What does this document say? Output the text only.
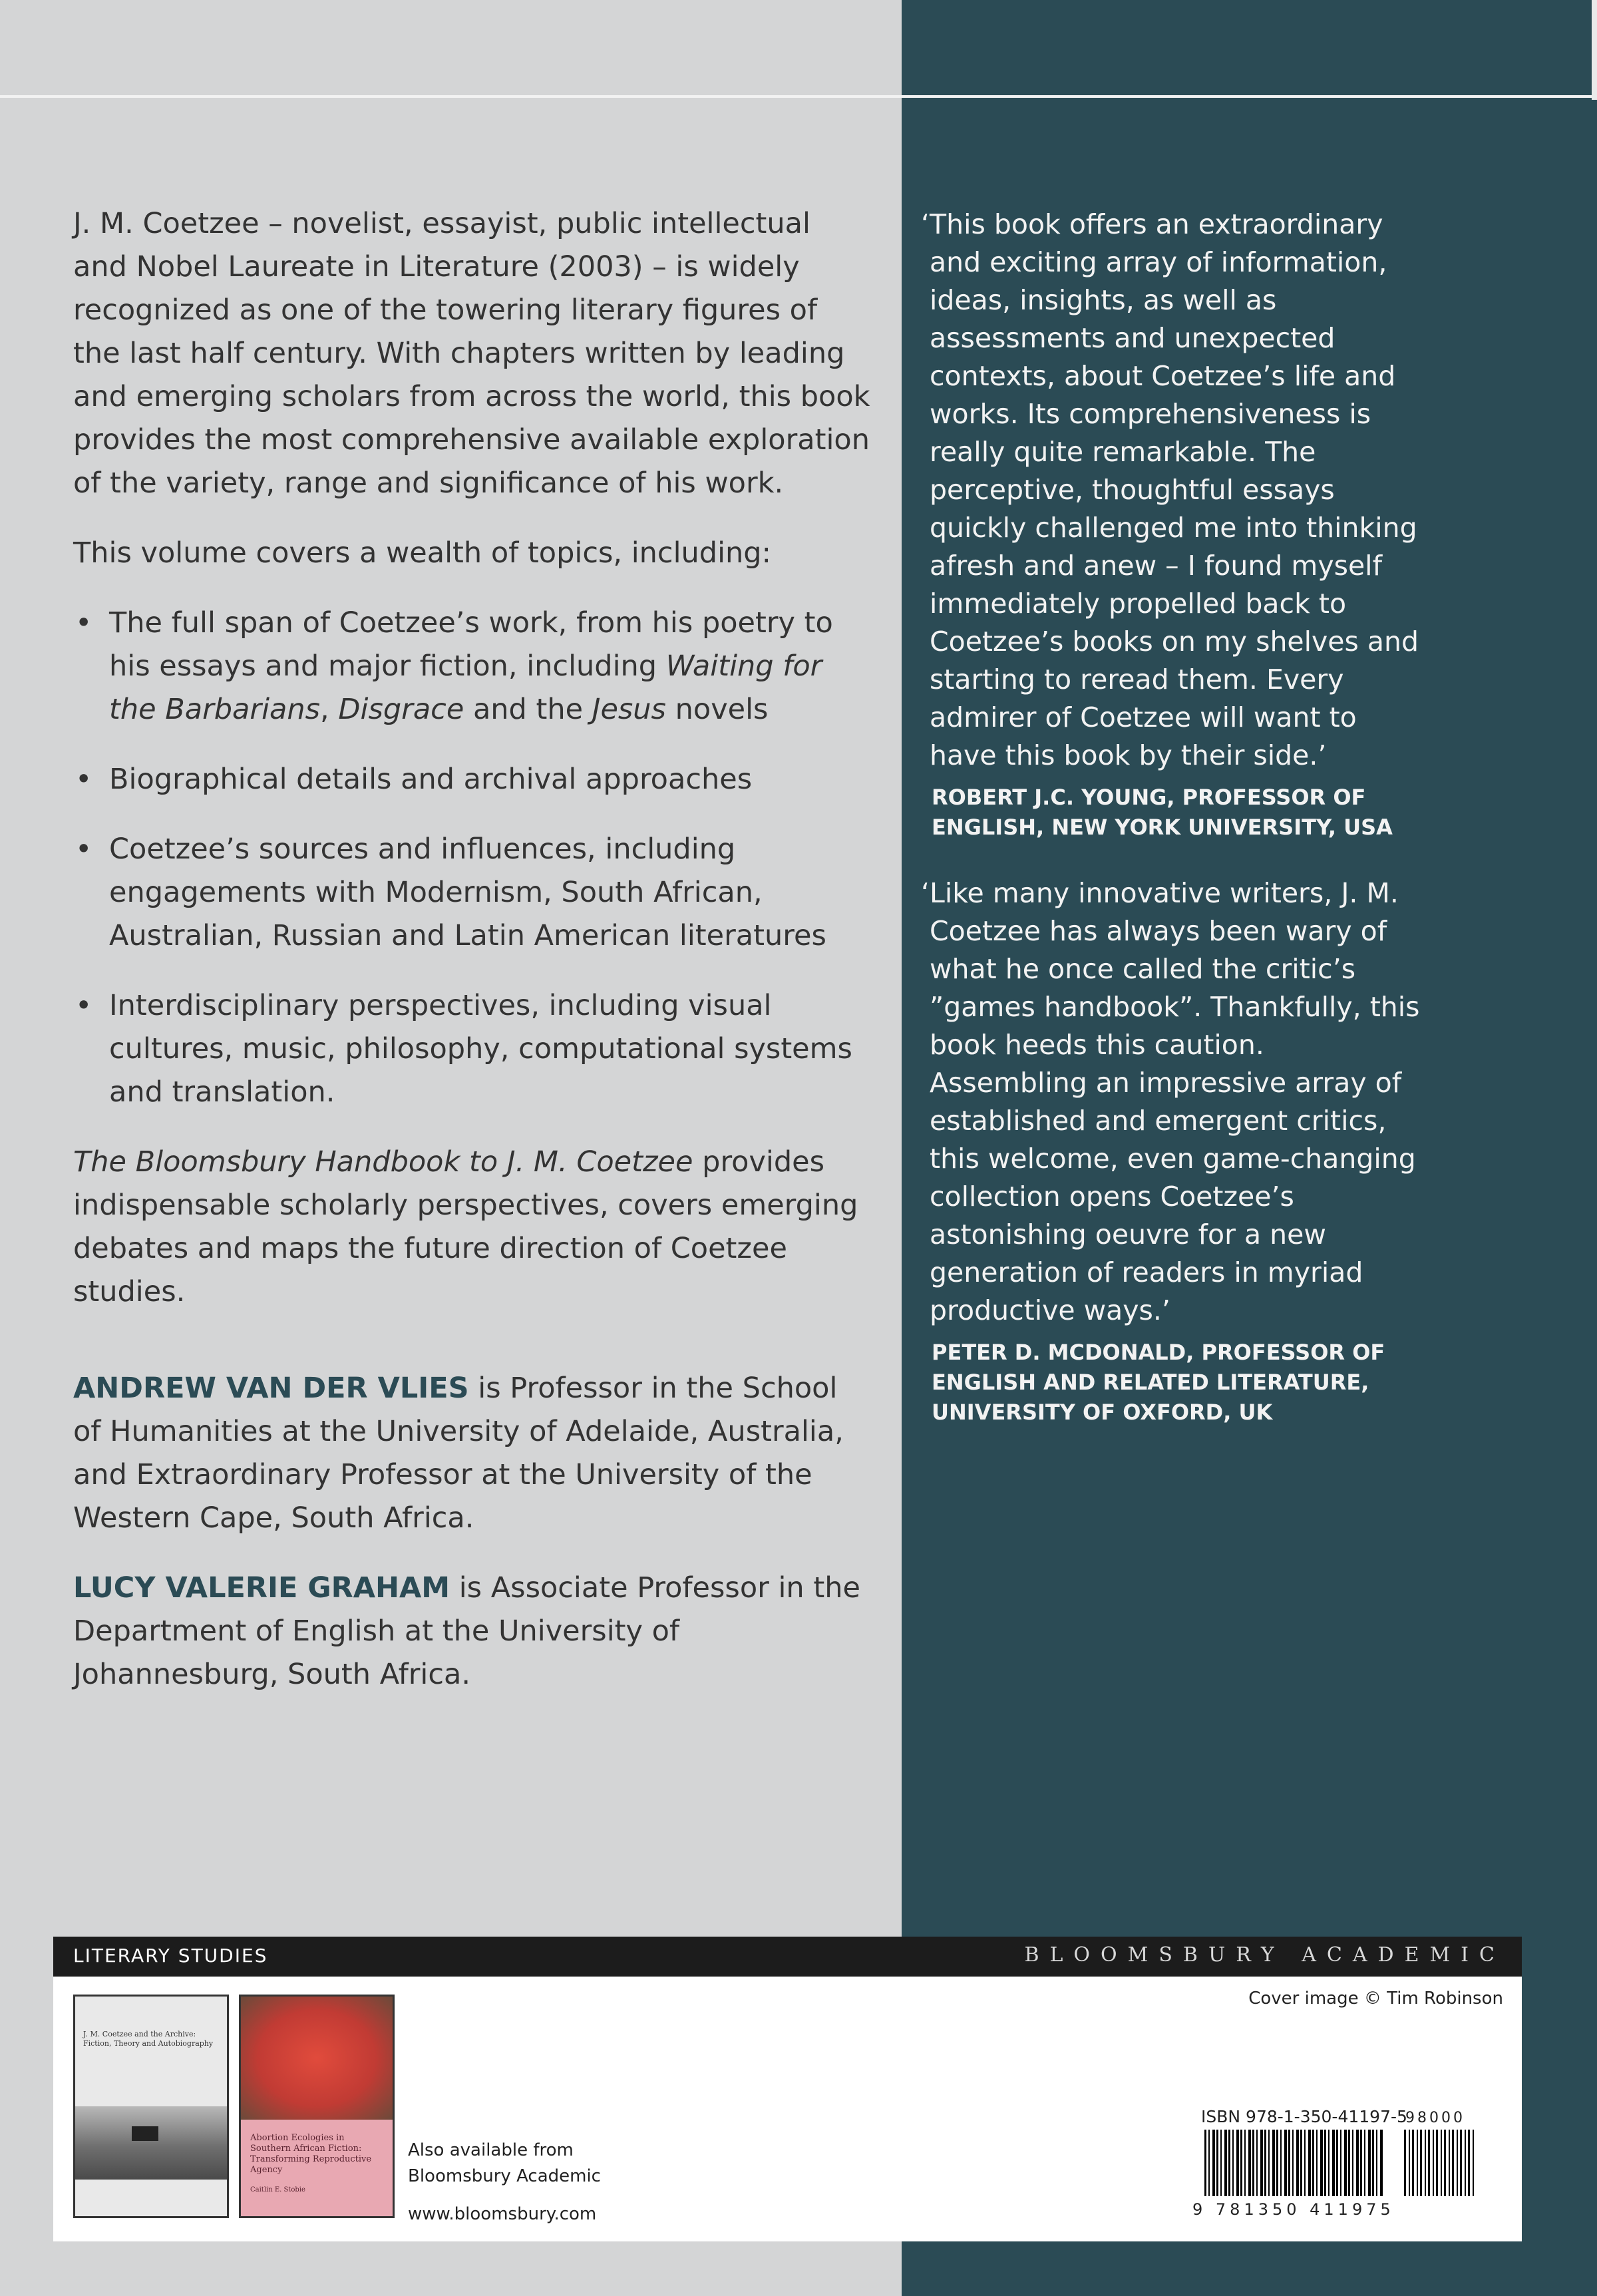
J. M. Coetzee – novelist, essayist, public intellectual and Nobel Laureate in Literature (2003) – is widely recognized as one of the towering literary figures of the last half century. With chapters written by leading and emerging scholars from across the world, this book provides the most comprehensive available exploration of the variety, range and significance of his work.

This volume covers a wealth of topics, including:

• The full span of Coetzee’s work, from his poetry to his essays and major fiction, including Waiting for the Barbarians, Disgrace and the Jesus novels
• Biographical details and archival approaches
• Coetzee’s sources and influences, including engagements with Modernism, South African, Australian, Russian and Latin American literatures
• Interdisciplinary perspectives, including visual cultures, music, philosophy, computational systems and translation.

The Bloomsbury Handbook to J. M. Coetzee provides indispensable scholarly perspectives, covers emerging debates and maps the future direction of Coetzee studies.

ANDREW VAN DER VLIES is Professor in the School of Humanities at the University of Adelaide, Australia, and Extraordinary Professor at the University of the Western Cape, South Africa.

LUCY VALERIE GRAHAM is Associate Professor in the Department of English at the University of Johannesburg, South Africa.

‘This book offers an extraordinary and exciting array of information, ideas, insights, as well as assessments and unexpected contexts, about Coetzee’s life and works. Its comprehensiveness is really quite remarkable. The perceptive, thoughtful essays quickly challenged me into thinking afresh and anew – I found myself immediately propelled back to Coetzee’s books on my shelves and starting to reread them. Every admirer of Coetzee will want to have this book by their side.’

ROBERT J.C. YOUNG, PROFESSOR OF ENGLISH, NEW YORK UNIVERSITY, USA

‘Like many innovative writers, J. M. Coetzee has always been wary of what he once called the critic’s ”games handbook”. Thankfully, this book heeds this caution. Assembling an impressive array of established and emergent critics, this welcome, even game-changing collection opens Coetzee’s astonishing oeuvre for a new generation of readers in myriad productive ways.’

PETER D. MCDONALD, PROFESSOR OF ENGLISH AND RELATED LITERATURE, UNIVERSITY OF OXFORD, UK

LITERARY STUDIES	BLOOMSBURY ACADEMIC
J. M. Coetzee and the Archive: Fiction, Theory and Autobiography
Abortion Ecologies in Southern African Fiction: Transforming Reproductive Agency
Caitlin E. Stobie
Also available from
Bloomsbury Academic
www.bloomsbury.com
Cover image © Tim Robinson
ISBN 978-1-350-41197-5
98000
9 781350 411975
